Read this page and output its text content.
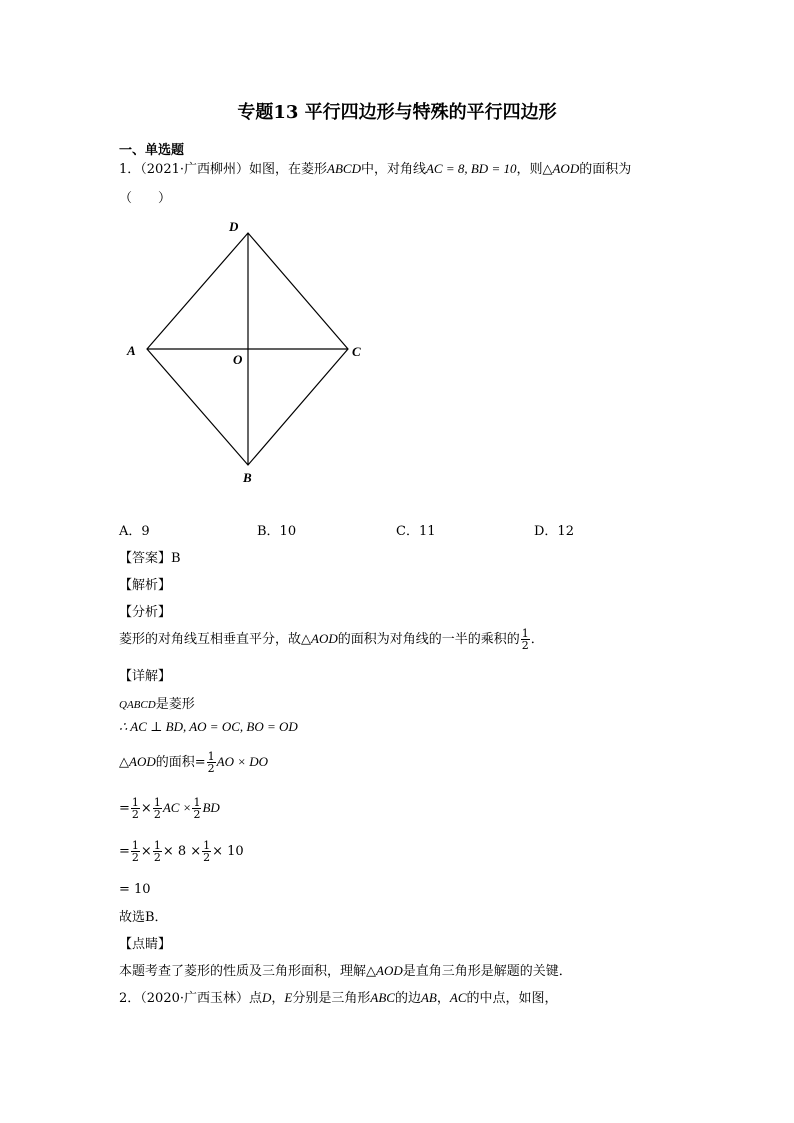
专题13 平行四边形与特殊的平行四边形
一、单选题
1．（2021·广西柳州）如图，在菱形ABCD中，对角线AC = 8, BD = 10，则△AOD的面积为
（　　）
D
A	C
O
B
A．9	B．10	C．11	D．12
【答案】B
【解析】
【分析】
菱形的对角线互相垂直平分，故△AOD的面积为对角线的一半的乘积的 $\frac{1}{2}$ ．
【详解】
QABCD是菱形
∴ AC ⊥ BD, AO = OC, BO = OD
△AOD的面积= $\frac{1}{2}$ AO × DO
= $\frac{1}{2} \times \frac{1}{2}$ AC × $\frac{1}{2}$ BD
= $\frac{1}{2} \times \frac{1}{2} \times 8 \times \frac{1}{2} \times 10$
= 10
故选B．
【点睛】
本题考查了菱形的性质及三角形面积，理解△AOD是直角三角形是解题的关键．
2．（2020·广西玉林）点D，E分别是三角形ABC的边AB，AC的中点，如图，
